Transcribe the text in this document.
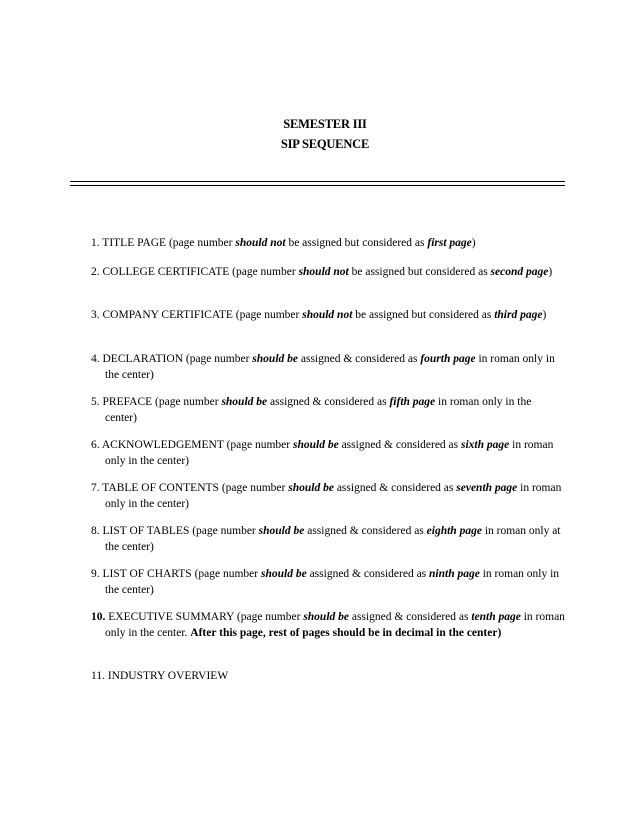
SEMESTER III
SIP SEQUENCE
1. TITLE PAGE (page number should not be assigned but considered as first page)
2. COLLEGE CERTIFICATE (page number should not be assigned but considered as second page)
3. COMPANY CERTIFICATE (page number should not be assigned but considered as third page)
4. DECLARATION (page number should be assigned & considered as fourth page in roman only in the center)
5. PREFACE (page number should be assigned & considered as fifth page in roman only in the center)
6. ACKNOWLEDGEMENT (page number should be assigned & considered as sixth page in roman only in the center)
7. TABLE OF CONTENTS (page number should be assigned & considered as seventh page in roman only in the center)
8. LIST OF TABLES (page number should be assigned & considered as eighth page in roman only at the center)
9. LIST OF CHARTS (page number should be assigned & considered as ninth page in roman only in the center)
10. EXECUTIVE SUMMARY (page number should be assigned & considered as tenth page in roman only in the center. After this page, rest of pages should be in decimal in the center)
11. INDUSTRY OVERVIEW
